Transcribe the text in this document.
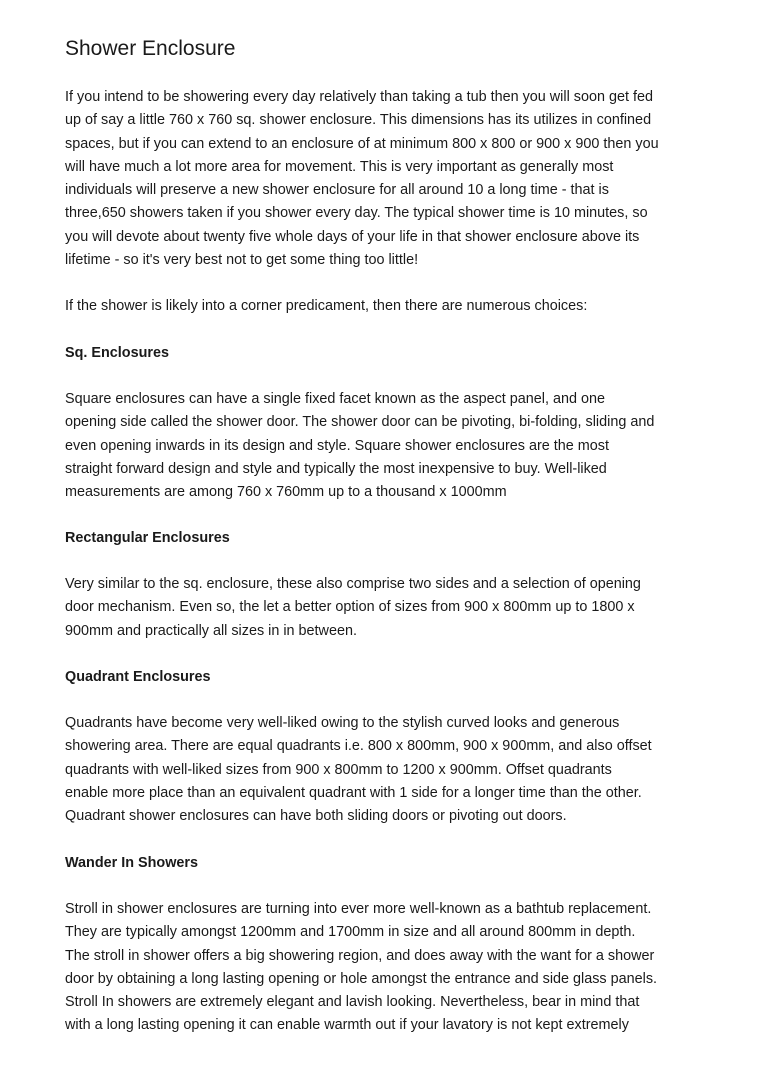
Shower Enclosure
If you intend to be showering every day relatively than taking a tub then you will soon get fed
up of say a little 760 x 760 sq. shower enclosure. This dimensions has its utilizes in confined
spaces, but if you can extend to an enclosure of at minimum 800 x 800 or 900 x 900 then you
will have much a lot more area for movement. This is very important as generally most
individuals will preserve a new shower enclosure for all around 10 a long time - that is
three,650 showers taken if you shower every day. The typical shower time is 10 minutes, so
you will devote about twenty five whole days of your life in that shower enclosure above its
lifetime - so it's very best not to get some thing too little!
If the shower is likely into a corner predicament, then there are numerous choices:
Sq. Enclosures
Square enclosures can have a single fixed facet known as the aspect panel, and one
opening side called the shower door. The shower door can be pivoting, bi-folding, sliding and
even opening inwards in its design and style. Square shower enclosures are the most
straight forward design and style and typically the most inexpensive to buy. Well-liked
measurements are among 760 x 760mm up to a thousand x 1000mm
Rectangular Enclosures
Very similar to the sq. enclosure, these also comprise two sides and a selection of opening
door mechanism. Even so, the let a better option of sizes from 900 x 800mm up to 1800 x
900mm and practically all sizes in in between.
Quadrant Enclosures
Quadrants have become very well-liked owing to the stylish curved looks and generous
showering area. There are equal quadrants i.e. 800 x 800mm, 900 x 900mm, and also offset
quadrants with well-liked sizes from 900 x 800mm to 1200 x 900mm. Offset quadrants
enable more place than an equivalent quadrant with 1 side for a longer time than the other.
Quadrant shower enclosures can have both sliding doors or pivoting out doors.
Wander In Showers
Stroll in shower enclosures are turning into ever more well-known as a bathtub replacement.
They are typically amongst 1200mm and 1700mm in size and all around 800mm in depth.
The stroll in shower offers a big showering region, and does away with the want for a shower
door by obtaining a long lasting opening or hole amongst the entrance and side glass panels.
Stroll In showers are extremely elegant and lavish looking. Nevertheless, bear in mind that
with a long lasting opening it can enable warmth out if your lavatory is not kept extremely
